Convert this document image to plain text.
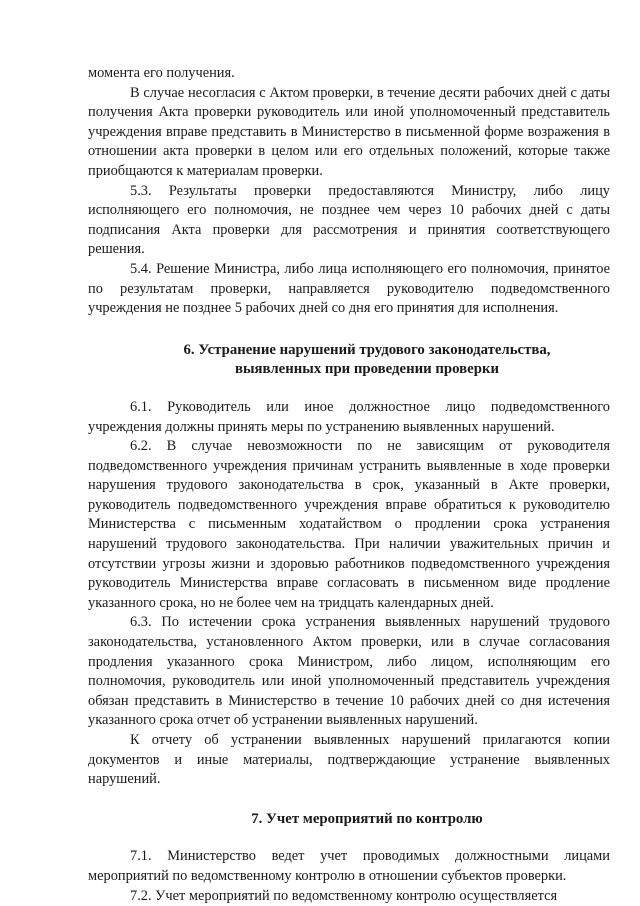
момента его получения.

В случае несогласия с Актом проверки, в течение десяти рабочих дней с даты получения Акта проверки руководитель или иной уполномоченный представитель учреждения вправе представить в Министерство в письменной форме возражения в отношении акта проверки в целом или его отдельных положений, которые также приобщаются к материалам проверки.

5.3. Результаты проверки предоставляются Министру, либо лицу исполняющего его полномочия, не позднее чем через 10 рабочих дней с даты подписания Акта проверки для рассмотрения и принятия соответствующего решения.

5.4. Решение Министра, либо лица исполняющего его полномочия, принятое по результатам проверки, направляется руководителю подведомственного учреждения не позднее 5 рабочих дней со дня его принятия для исполнения.

6. Устранение нарушений трудового законодательства,
выявленных при проведении проверки

6.1. Руководитель или иное должностное лицо подведомственного учреждения должны принять меры по устранению выявленных нарушений.

6.2. В случае невозможности по не зависящим от руководителя подведомственного учреждения причинам устранить выявленные в ходе проверки нарушения трудового законодательства в срок, указанный в Акте проверки, руководитель подведомственного учреждения вправе обратиться к руководителю Министерства с письменным ходатайством о продлении срока устранения нарушений трудового законодательства. При наличии уважительных причин и отсутствии угрозы жизни и здоровью работников подведомственного учреждения руководитель Министерства вправе согласовать в письменном виде продление указанного срока, но не более чем на тридцать календарных дней.

6.3. По истечении срока устранения выявленных нарушений трудового законодательства, установленного Актом проверки, или в случае согласования продления указанного срока Министром, либо лицом, исполняющим его полномочия, руководитель или иной уполномоченный представитель учреждения обязан представить в Министерство в течение 10 рабочих дней со дня истечения указанного срока отчет об устранении выявленных нарушений.

К отчету об устранении выявленных нарушений прилагаются копии документов и иные материалы, подтверждающие устранение выявленных нарушений.

7. Учет мероприятий по контролю

7.1. Министерство ведет учет проводимых должностными лицами мероприятий по ведомственному контролю в отношении субъектов проверки.

7.2. Учет мероприятий по ведомственному контролю осуществляется
